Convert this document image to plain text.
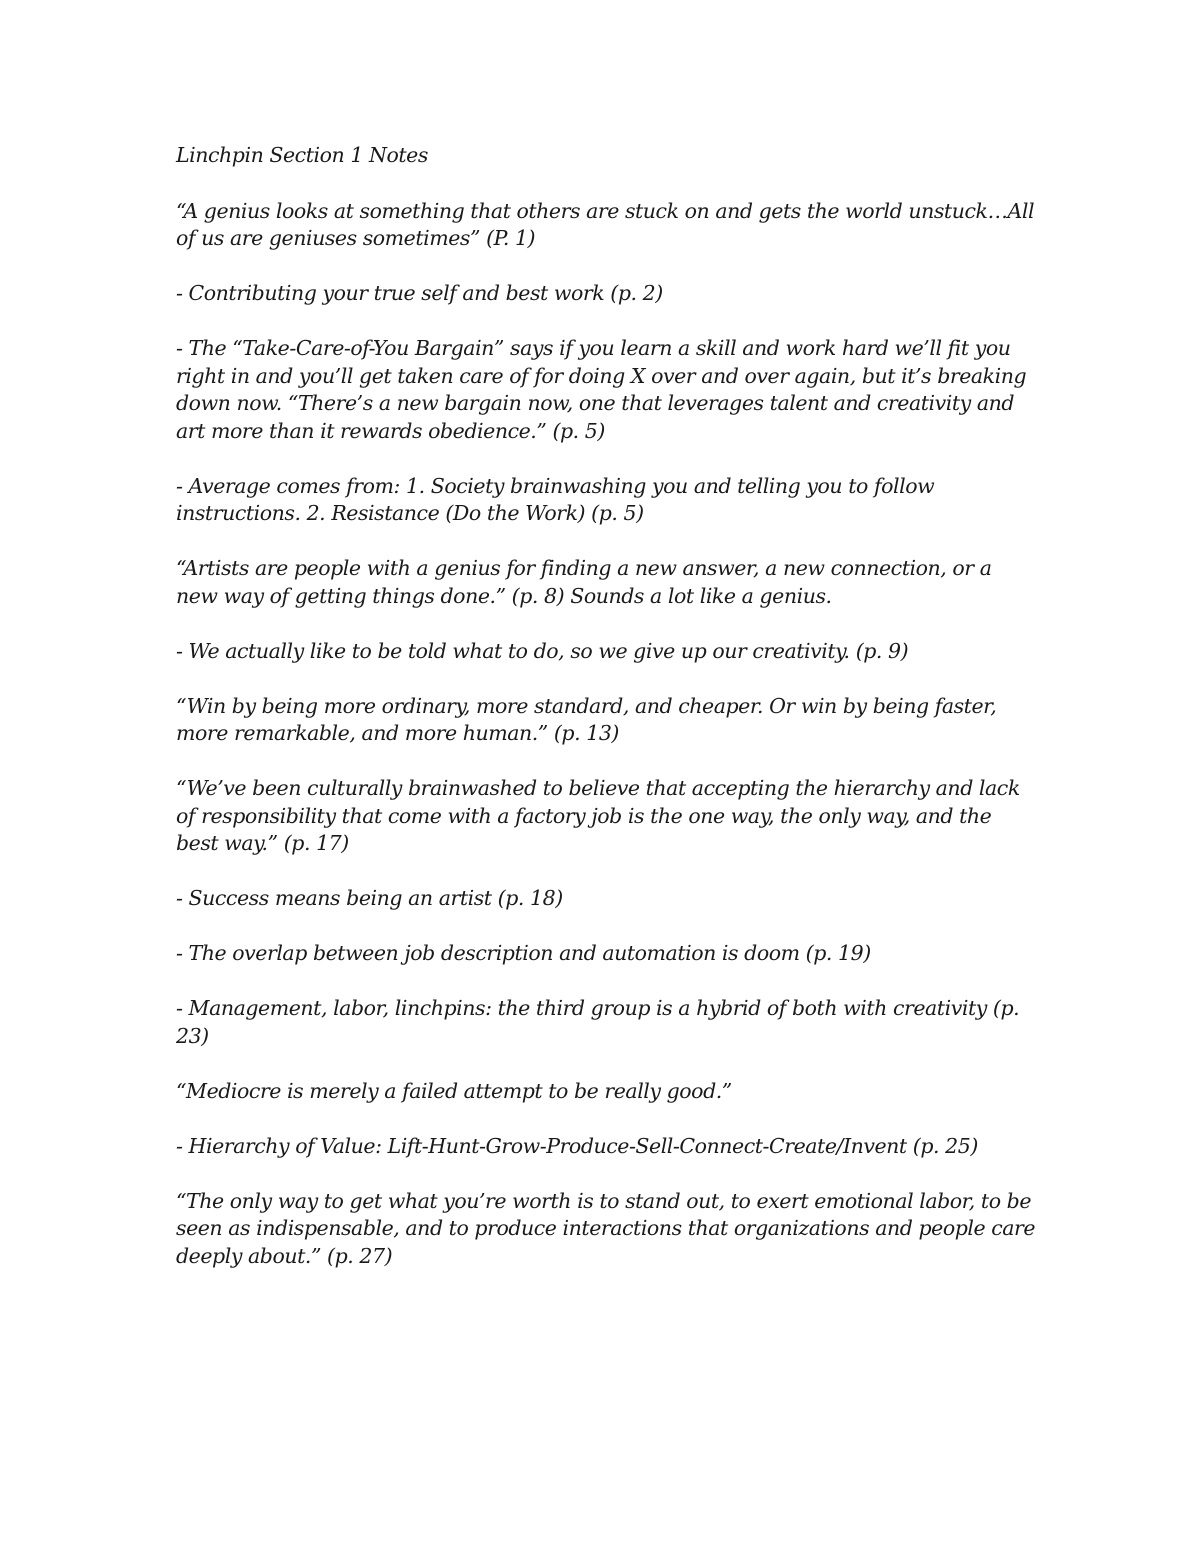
Linchpin Section 1 Notes
“A genius looks at something that others are stuck on and gets the world unstuck…All of us are geniuses sometimes” (P. 1)
- Contributing your true self and best work (p. 2)
- The “Take-Care-of-You Bargain” says if you learn a skill and work hard we’ll fit you right in and you’ll get taken care of for doing X over and over again, but it’s breaking down now. “There’s a new bargain now, one that leverages talent and creativity and art more than it rewards obedience.” (p. 5)
- Average comes from: 1. Society brainwashing you and telling you to follow instructions. 2. Resistance (Do the Work) (p. 5)
“Artists are people with a genius for finding a new answer, a new connection, or a new way of getting things done.” (p. 8) Sounds a lot like a genius.
- We actually like to be told what to do, so we give up our creativity. (p. 9)
“Win by being more ordinary, more standard, and cheaper. Or win by being faster, more remarkable, and more human.” (p. 13)
“We’ve been culturally brainwashed to believe that accepting the hierarchy and lack of responsibility that come with a factory job is the one way, the only way, and the best way.” (p. 17)
- Success means being an artist (p. 18)
- The overlap between job description and automation is doom (p. 19)
- Management, labor, linchpins: the third group is a hybrid of both with creativity (p. 23)
“Mediocre is merely a failed attempt to be really good.”
- Hierarchy of Value: Lift-Hunt-Grow-Produce-Sell-Connect-Create/Invent (p. 25)
“The only way to get what you’re worth is to stand out, to exert emotional labor, to be seen as indispensable, and to produce interactions that organizations and people care deeply about.” (p. 27)
